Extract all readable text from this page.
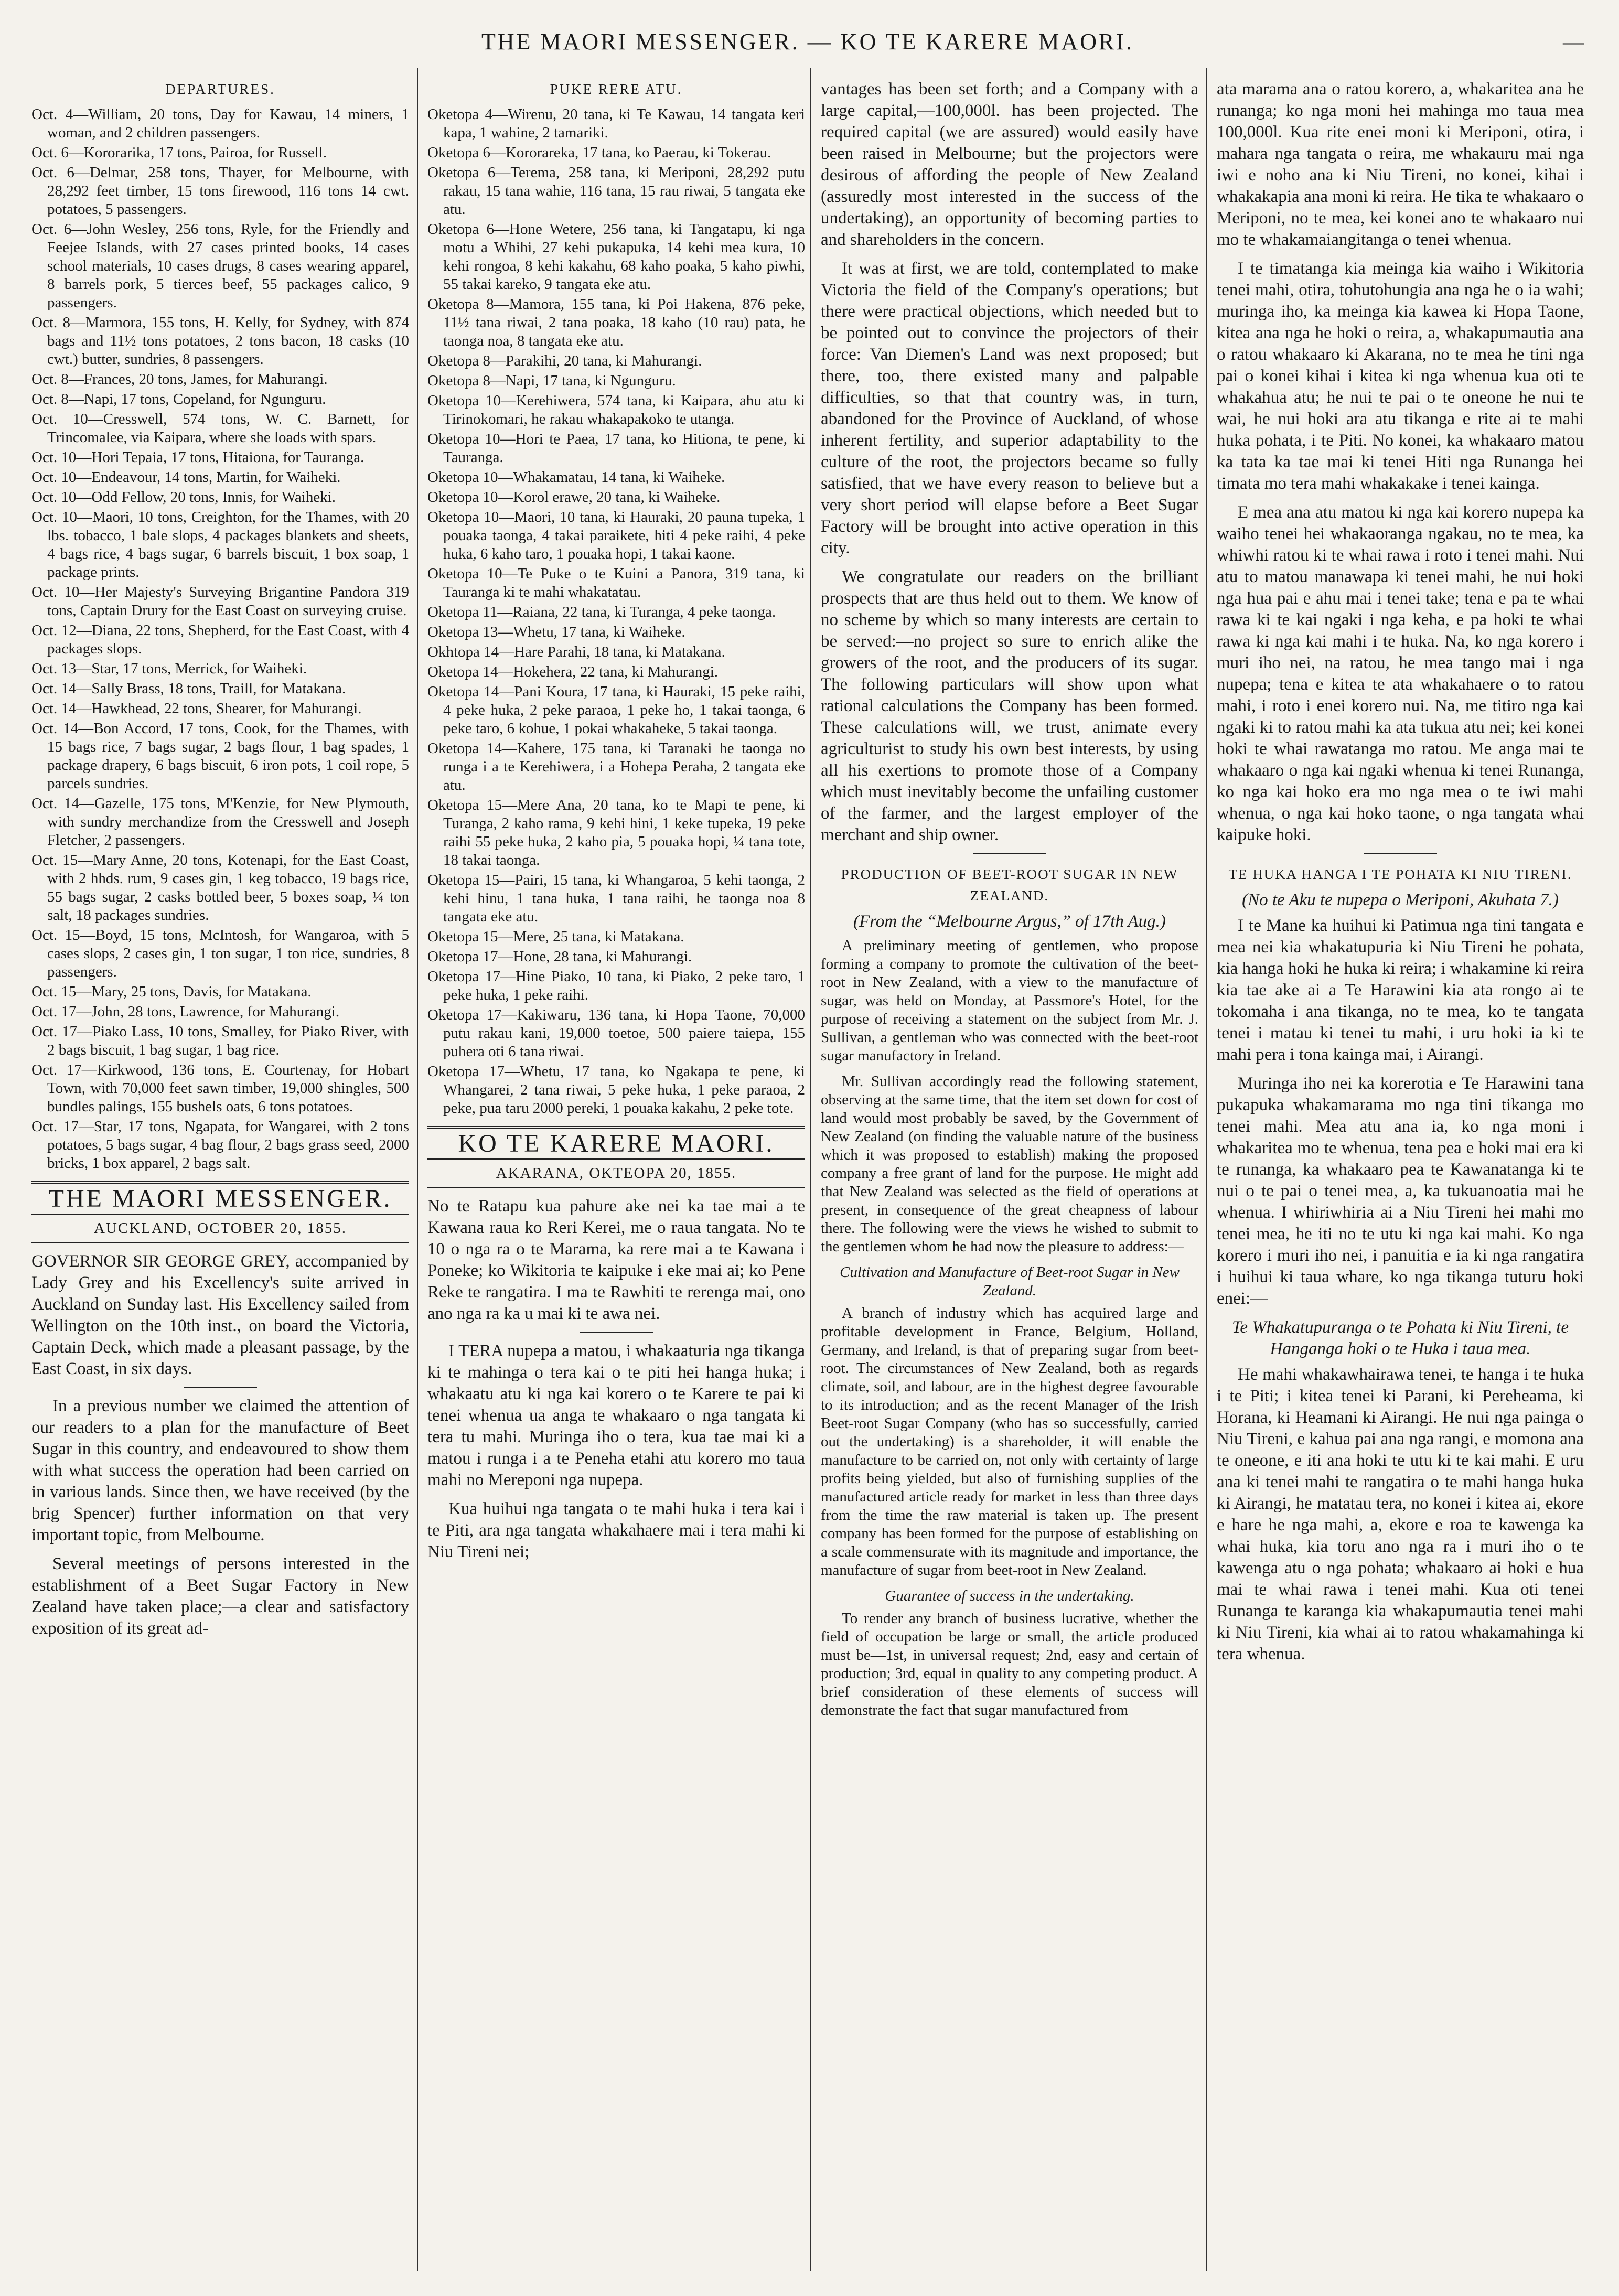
THE MAORI MESSENGER. — KO TE KARERE MAORI.	—
DEPARTURES.

Oct. 4—William, 20 tons, Day for Kawau, 14 miners, 1 woman, and 2 children passengers.

Oct. 6—Kororarika, 17 tons, Pairoa, for Russell.

Oct. 6—Delmar, 258 tons, Thayer, for Melbourne, with 28,292 feet timber, 15 tons firewood, 116 tons 14 cwt. potatoes, 5 passengers.

Oct. 6—John Wesley, 256 tons, Ryle, for the Friendly and Feejee Islands, with 27 cases printed books, 14 cases school materials, 10 cases drugs, 8 cases wearing apparel, 8 barrels pork, 5 tierces beef, 55 packages calico, 9 passengers.

Oct. 8—Marmora, 155 tons, H. Kelly, for Sydney, with 874 bags and 11½ tons potatoes, 2 tons bacon, 18 casks (10 cwt.) butter, sundries, 8 passengers.

Oct. 8—Frances, 20 tons, James, for Mahurangi.

Oct. 8—Napi, 17 tons, Copeland, for Ngunguru.

Oct. 10—Cresswell, 574 tons, W. C. Barnett, for Trincomalee, via Kaipara, where she loads with spars.

Oct. 10—Hori Tepaia, 17 tons, Hitaiona, for Tauranga.

Oct. 10—Endeavour, 14 tons, Martin, for Waiheki.

Oct. 10—Odd Fellow, 20 tons, Innis, for Waiheki.

Oct. 10—Maori, 10 tons, Creighton, for the Thames, with 20 lbs. tobacco, 1 bale slops, 4 packages blankets and sheets, 4 bags rice, 4 bags sugar, 6 barrels biscuit, 1 box soap, 1 package prints.

Oct. 10—Her Majesty's Surveying Brigantine Pandora 319 tons, Captain Drury for the East Coast on surveying cruise.

Oct. 12—Diana, 22 tons, Shepherd, for the East Coast, with 4 packages slops.

Oct. 13—Star, 17 tons, Merrick, for Waiheki.

Oct. 14—Sally Brass, 18 tons, Traill, for Matakana.

Oct. 14—Hawkhead, 22 tons, Shearer, for Mahurangi.

Oct. 14—Bon Accord, 17 tons, Cook, for the Thames, with 15 bags rice, 7 bags sugar, 2 bags flour, 1 bag spades, 1 package drapery, 6 bags biscuit, 6 iron pots, 1 coil rope, 5 parcels sundries.

Oct. 14—Gazelle, 175 tons, M'Kenzie, for New Plymouth, with sundry merchandize from the Cresswell and Joseph Fletcher, 2 passengers.

Oct. 15—Mary Anne, 20 tons, Kotenapi, for the East Coast, with 2 hhds. rum, 9 cases gin, 1 keg tobacco, 19 bags rice, 55 bags sugar, 2 casks bottled beer, 5 boxes soap, ¼ ton salt, 18 packages sundries.

Oct. 15—Boyd, 15 tons, McIntosh, for Wangaroa, with 5 cases slops, 2 cases gin, 1 ton sugar, 1 ton rice, sundries, 8 passengers.

Oct. 15—Mary, 25 tons, Davis, for Matakana.

Oct. 17—John, 28 tons, Lawrence, for Mahurangi.

Oct. 17—Piako Lass, 10 tons, Smalley, for Piako River, with 2 bags biscuit, 1 bag sugar, 1 bag rice.

Oct. 17—Kirkwood, 136 tons, E. Courtenay, for Hobart Town, with 70,000 feet sawn timber, 19,000 shingles, 500 bundles palings, 155 bushels oats, 6 tons potatoes.

Oct. 17—Star, 17 tons, Ngapata, for Wangarei, with 2 tons potatoes, 5 bags sugar, 4 bag flour, 2 bags grass seed, 2000 bricks, 1 box apparel, 2 bags salt.

THE MAORI MESSENGER.
AUCKLAND, OCTOBER 20, 1855.

GOVERNOR SIR GEORGE GREY, accompanied by Lady Grey and his Excellency's suite arrived in Auckland on Sunday last. His Excellency sailed from Wellington on the 10th inst., on board the Victoria, Captain Deck, which made a pleasant passage, by the East Coast, in six days.

In a previous number we claimed the attention of our readers to a plan for the manufacture of Beet Sugar in this country, and endeavoured to show them with what success the operation had been carried on in various lands. Since then, we have received (by the brig Spencer) further information on that very important topic, from Melbourne.

Several meetings of persons interested in the establishment of a Beet Sugar Factory in New Zealand have taken place;—a clear and satisfactory exposition of its great ad-

PUKE RERE ATU.

Oketopa 4—Wirenu, 20 tana, ki Te Kawau, 14 tangata keri kapa, 1 wahine, 2 tamariki.

Oketopa 6—Kororareka, 17 tana, ko Paerau, ki Tokerau.

Oketopa 6—Terema, 258 tana, ki Meriponi, 28,292 putu rakau, 15 tana wahie, 116 tana, 15 rau riwai, 5 tangata eke atu.

Oketopa 6—Hone Wetere, 256 tana, ki Tangatapu, ki nga motu a Whihi, 27 kehi pukapuka, 14 kehi mea kura, 10 kehi rongoa, 8 kehi kakahu, 68 kaho poaka, 5 kaho piwhi, 55 takai kareko, 9 tangata eke atu.

Oketopa 8—Mamora, 155 tana, ki Poi Hakena, 876 peke, 11½ tana riwai, 2 tana poaka, 18 kaho (10 rau) pata, he taonga noa, 8 tangata eke atu.

Oketopa 8—Parakihi, 20 tana, ki Mahurangi.

Oketopa 8—Napi, 17 tana, ki Ngunguru.

Oketopa 10—Kerehiwera, 574 tana, ki Kaipara, ahu atu ki Tirinokomari, he rakau whakapakoko te utanga.

Oketopa 10—Hori te Paea, 17 tana, ko Hitiona, te pene, ki Tauranga.

Oketopa 10—Whakamatau, 14 tana, ki Waiheke.

Oketopa 10—Korol erawe, 20 tana, ki Waiheke.

Oketopa 10—Maori, 10 tana, ki Hauraki, 20 pauna tupeka, 1 pouaka taonga, 4 takai paraikete, hiti 4 peke raihi, 4 peke huka, 6 kaho taro, 1 pouaka hopi, 1 takai kaone.

Oketopa 10—Te Puke o te Kuini a Panora, 319 tana, ki Tauranga ki te mahi whakatatau.

Oketopa 11—Raiana, 22 tana, ki Turanga, 4 peke taonga.

Oketopa 13—Whetu, 17 tana, ki Waiheke.

Okhtopa 14—Hare Parahi, 18 tana, ki Matakana.

Oketopa 14—Hokehera, 22 tana, ki Mahurangi.

Oketopa 14—Pani Koura, 17 tana, ki Hauraki, 15 peke raihi, 4 peke huka, 2 peke paraoa, 1 peke ho, 1 takai taonga, 6 peke taro, 6 kohue, 1 pokai whakaheke, 5 takai taonga.

Oketopa 14—Kahere, 175 tana, ki Taranaki he taonga no runga i a te Kerehiwera, i a Hohepa Peraha, 2 tangata eke atu.

Oketopa 15—Mere Ana, 20 tana, ko te Mapi te pene, ki Turanga, 2 kaho rama, 9 kehi hini, 1 keke tupeka, 19 peke raihi 55 peke huka, 2 kaho pia, 5 pouaka hopi, ¼ tana tote, 18 takai taonga.

Oketopa 15—Pairi, 15 tana, ki Whangaroa, 5 kehi taonga, 2 kehi hinu, 1 tana huka, 1 tana raihi, he taonga noa 8 tangata eke atu.

Oketopa 15—Mere, 25 tana, ki Matakana.

Oketopa 17—Hone, 28 tana, ki Mahurangi.

Oketopa 17—Hine Piako, 10 tana, ki Piako, 2 peke taro, 1 peke huka, 1 peke raihi.

Oketopa 17—Kakiwaru, 136 tana, ki Hopa Taone, 70,000 putu rakau kani, 19,000 toetoe, 500 paiere taiepa, 155 puhera oti 6 tana riwai.

Oketopa 17—Whetu, 17 tana, ko Ngakapa te pene, ki Whangarei, 2 tana riwai, 5 peke huka, 1 peke paraoa, 2 peke, pua taru 2000 pereki, 1 pouaka kakahu, 2 peke tote.

KO TE KARERE MAORI.
AKARANA, OKTEOPA 20, 1855.

No te Ratapu kua pahure ake nei ka tae mai a te Kawana raua ko Reri Kerei, me o raua tangata. No te 10 o nga ra o te Marama, ka rere mai a te Kawana i Poneke; ko Wikitoria te kaipuke i eke mai ai; ko Pene Reke te rangatira. I ma te Rawhiti te rerenga mai, ono ano nga ra ka u mai ki te awa nei.

I TERA nupepa a matou, i whakaaturia nga tikanga ki te mahinga o tera kai o te piti hei hanga huka; i whakaatu atu ki nga kai korero o te Karere te pai ki tenei whenua ua anga te whakaaro o nga tangata ki tera tu mahi. Muringa iho o tera, kua tae mai ki a matou i runga i a te Peneha etahi atu korero mo taua mahi no Mereponi nga nupepa.

Kua huihui nga tangata o te mahi huka i tera kai i te Piti, ara nga tangata whakahaere mai i tera mahi ki Niu Tireni nei;

vantages has been set forth; and a Company with a large capital,—100,000l. has been projected. The required capital (we are assured) would easily have been raised in Melbourne; but the projectors were desirous of affording the people of New Zealand (assuredly most interested in the success of the undertaking), an opportunity of becoming parties to and shareholders in the concern.

It was at first, we are told, contemplated to make Victoria the field of the Company's operations; but there were practical objections, which needed but to be pointed out to convince the projectors of their force: Van Diemen's Land was next proposed; but there, too, there existed many and palpable difficulties, so that that country was, in turn, abandoned for the Province of Auckland, of whose inherent fertility, and superior adaptability to the culture of the root, the projectors became so fully satisfied, that we have every reason to believe but a very short period will elapse before a Beet Sugar Factory will be brought into active operation in this city.

We congratulate our readers on the brilliant prospects that are thus held out to them. We know of no scheme by which so many interests are certain to be served:—no project so sure to enrich alike the growers of the root, and the producers of its sugar. The following particulars will show upon what rational calculations the Company has been formed. These calculations will, we trust, animate every agriculturist to study his own best interests, by using all his exertions to promote those of a Company which must inevitably become the unfailing customer of the farmer, and the largest employer of the merchant and ship owner.

PRODUCTION OF BEET-ROOT SUGAR IN NEW ZEALAND.
(From the “Melbourne Argus,” of 17th Aug.)

A preliminary meeting of gentlemen, who propose forming a company to promote the cultivation of the beet-root in New Zealand, with a view to the manufacture of sugar, was held on Monday, at Passmore's Hotel, for the purpose of receiving a statement on the subject from Mr. J. Sullivan, a gentleman who was connected with the beet-root sugar manufactory in Ireland.

Mr. Sullivan accordingly read the following statement, observing at the same time, that the item set down for cost of land would most probably be saved, by the Government of New Zealand (on finding the valuable nature of the business which it was proposed to establish) making the proposed company a free grant of land for the purpose. He might add that New Zealand was selected as the field of operations at present, in consequence of the great cheapness of labour there. The following were the views he wished to submit to the gentlemen whom he had now the pleasure to address:—

Cultivation and Manufacture of Beet-root Sugar in New Zealand.

A branch of industry which has acquired large and profitable development in France, Belgium, Holland, Germany, and Ireland, is that of preparing sugar from beet-root. The circumstances of New Zealand, both as regards climate, soil, and labour, are in the highest degree favourable to its introduction; and as the recent Manager of the Irish Beet-root Sugar Company (who has so successfully, carried out the undertaking) is a shareholder, it will enable the manufacture to be carried on, not only with certainty of large profits being yielded, but also of furnishing supplies of the manufactured article ready for market in less than three days from the time the raw material is taken up. The present company has been formed for the purpose of establishing on a scale commensurate with its magnitude and importance, the manufacture of sugar from beet-root in New Zealand.

Guarantee of success in the undertaking.

To render any branch of business lucrative, whether the field of occupation be large or small, the article produced must be—1st, in universal request; 2nd, easy and certain of production; 3rd, equal in quality to any competing product. A brief consideration of these elements of success will demonstrate the fact that sugar manufactured from

ata marama ana o ratou korero, a, whakaritea ana he runanga; ko nga moni hei mahinga mo taua mea 100,000l. Kua rite enei moni ki Meriponi, otira, i mahara nga tangata o reira, me whakauru mai nga iwi e noho ana ki Niu Tireni, no konei, kihai i whakakapia ana moni ki reira. He tika te whakaaro o Meriponi, no te mea, kei konei ano te whakaaro nui mo te whakamaiangitanga o tenei whenua.

I te timatanga kia meinga kia waiho i Wikitoria tenei mahi, otira, tohutohungia ana nga he o ia wahi; muringa iho, ka meinga kia kawea ki Hopa Taone, kitea ana nga he hoki o reira, a, whakapumautia ana o ratou whakaaro ki Akarana, no te mea he tini nga pai o konei kihai i kitea ki nga whenua kua oti te whakahua atu; he nui te pai o te oneone he nui te wai, he nui hoki ara atu tikanga e rite ai te mahi huka pohata, i te Piti. No konei, ka whakaaro matou ka tata ka tae mai ki tenei Hiti nga Runanga hei timata mo tera mahi whakakake i tenei kainga.

E mea ana atu matou ki nga kai korero nupepa ka waiho tenei hei whakaoranga ngakau, no te mea, ka whiwhi ratou ki te whai rawa i roto i tenei mahi. Nui atu to matou manawapa ki tenei mahi, he nui hoki nga hua pai e ahu mai i tenei take; tena e pa te whai rawa ki te kai ngaki i nga keha, e pa hoki te whai rawa ki nga kai mahi i te huka. Na, ko nga korero i muri iho nei, na ratou, he mea tango mai i nga nupepa; tena e kitea te ata whakahaere o to ratou mahi, i roto i enei korero nui. Na, me titiro nga kai ngaki ki to ratou mahi ka ata tukua atu nei; kei konei hoki te whai rawatanga mo ratou. Me anga mai te whakaaro o nga kai ngaki whenua ki tenei Runanga, ko nga kai hoko era mo nga mea o te iwi mahi whenua, o nga kai hoko taone, o nga tangata whai kaipuke hoki.

TE HUKA HANGA I TE POHATA KI NIU TIRENI.
(No te Aku te nupepa o Meriponi, Akuhata 7.)

I te Mane ka huihui ki Patimua nga tini tangata e mea nei kia whakatupuria ki Niu Tireni he pohata, kia hanga hoki he huka ki reira; i whakaminе ki reira kia tae ake ai a Te Harawini kia ata rongo ai te tokomaha i ana tikanga, no te mea, ko te tangata tenei i matau ki tenei tu mahi, i uru hoki ia ki te mahi pera i tona kainga mai, i Airangi.

Muringa iho nei ka korerotia e Te Harawini tana pukapuka whakamarama mo nga tini tikanga mo tenei mahi. Mea atu ana ia, ko nga moni i whakaritea mo te whenua, tena pea e hoki mai era ki te runanga, ka whakaaro pea te Kawanatanga ki te nui o te pai o tenei mea, a, ka tukuanoatia mai he whenua. I whiriwhiria ai a Niu Tireni hei mahi mo tenei mea, he iti no te utu ki nga kai mahi. Ko nga korero i muri iho nei, i panuitia e ia ki nga rangatira i huihui ki taua whare, ko nga tikanga tuturu hoki enei:—

Te Whakatupuranga o te Pohata ki Niu Tireni, te Hanganga hoki o te Huka i taua mea.

He mahi whakawhairawa tenei, te hanga i te huka i te Piti; i kitea tenei ki Parani, ki Pereheama, ki Horana, ki Heamani ki Airangi. He nui nga painga o Niu Tireni, e kahua pai ana nga rangi, e momona ana te oneone, e iti ana hoki te utu ki te kai mahi. E uru ana ki tenei mahi te rangatira o te mahi hanga huka ki Airangi, he matatau tera, no konei i kitea ai, ekore e hare he nga mahi, a, ekore e roa te kawenga ka whai huka, kia toru ano nga ra i muri iho o te kawenga atu o nga pohata; whakaaro ai hoki e hua mai te whai rawa i tenei mahi. Kua oti tenei Runanga te karanga kia whakapumautia tenei mahi ki Niu Tireni, kia whai ai to ratou whakamahinga ki tera whenua.
